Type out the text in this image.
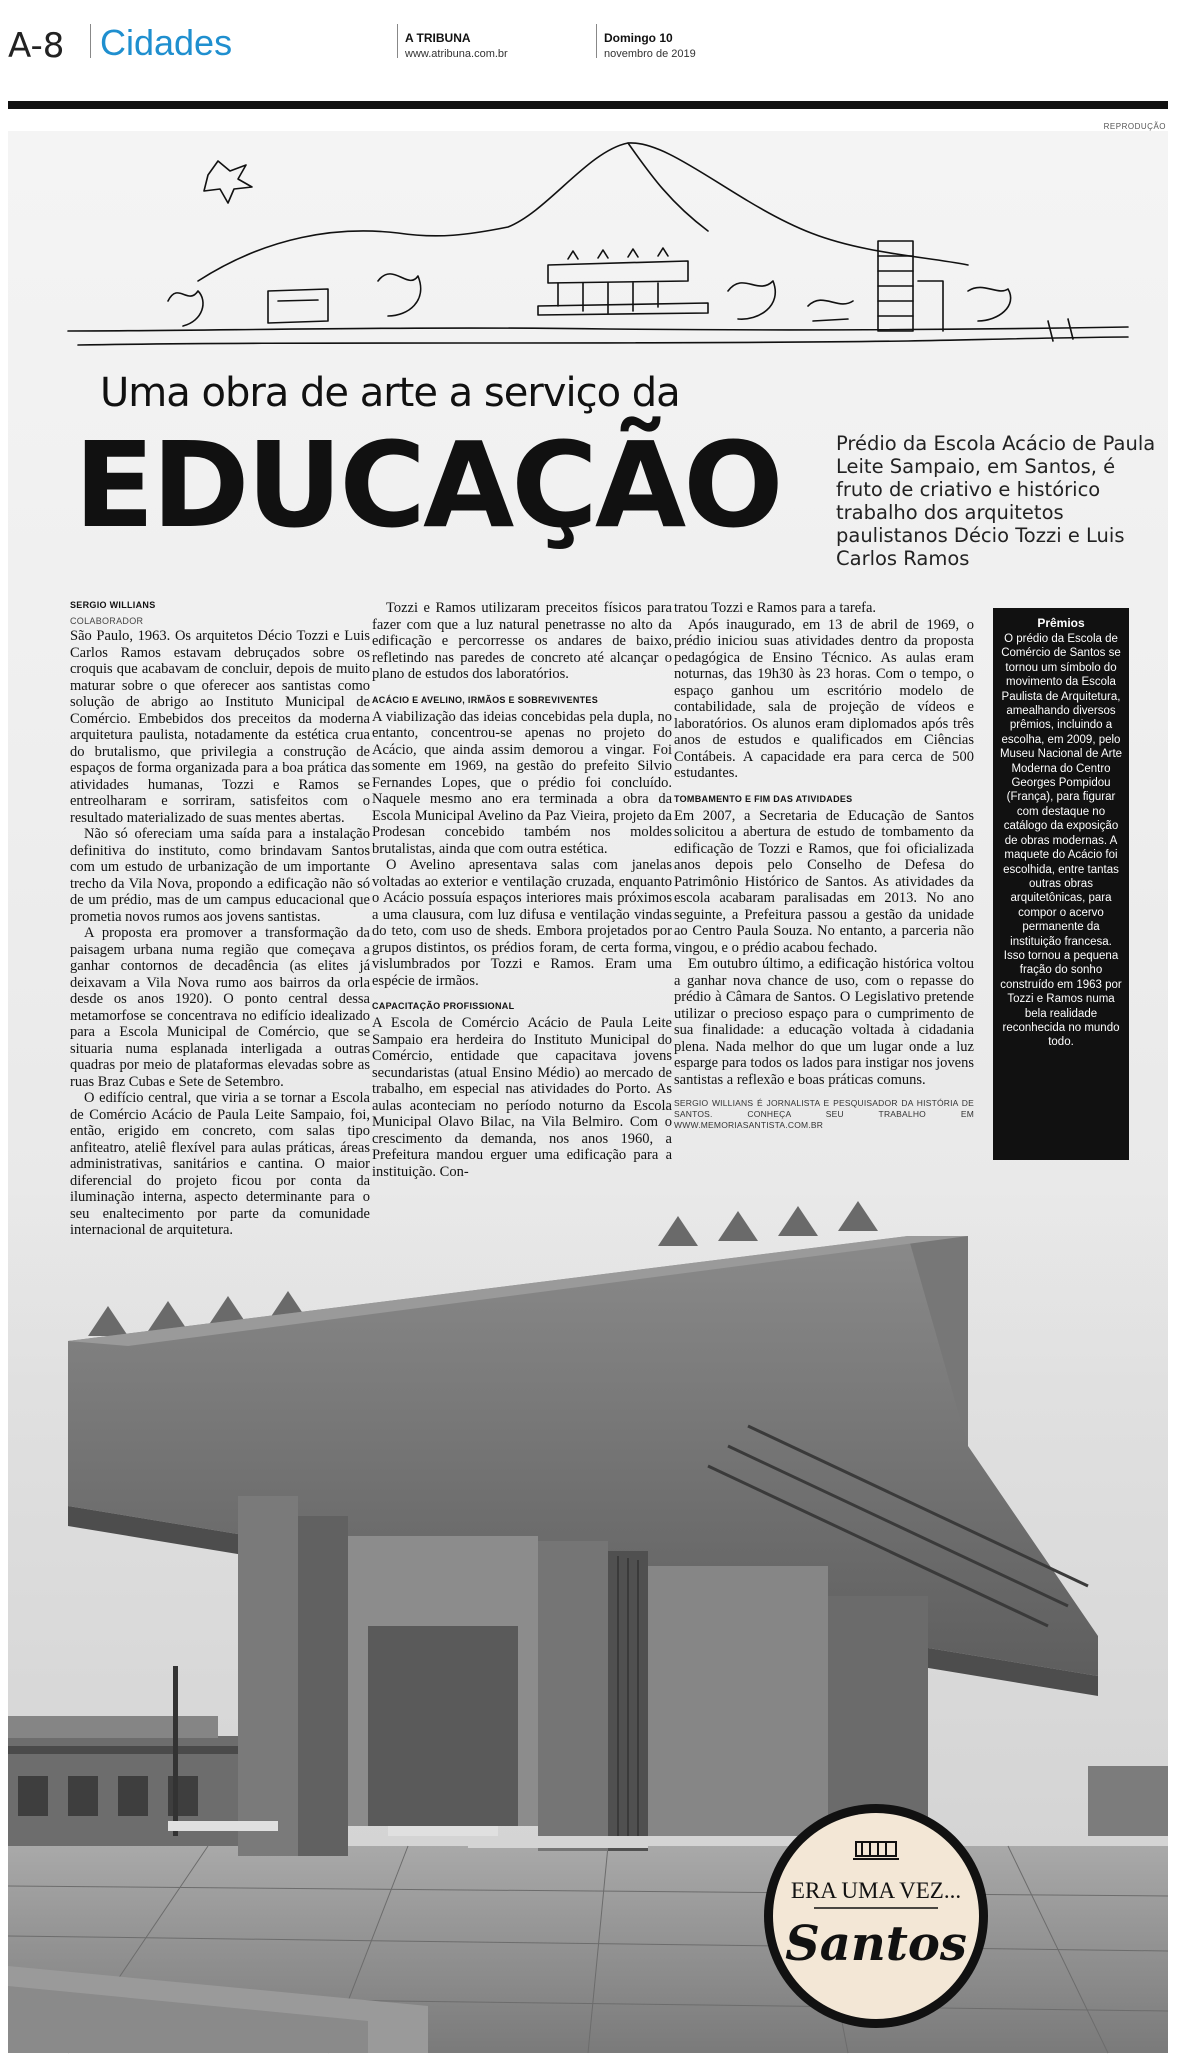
A-8 Cidades	A TRIBUNA
www.atribuna.com.br
Domingo 10
novembro de 2019
REPRODUÇÃO
Uma obra de arte a serviço da
EDUCAÇÃO	Prédio da Escola Acácio de Paula Leite Sampaio, em Santos, é fruto de criativo e histórico trabalho dos arquitetos paulistanos Décio Tozzi e Luis Carlos Ramos
ERA UMA VEZ...
Santos
SERGIO WILLIANS
COLABORADOR

São Paulo, 1963. Os arquitetos Décio Tozzi e Luis Carlos Ramos estavam debruçados sobre os croquis que acabavam de concluir, depois de muito maturar sobre o que oferecer aos santistas como solução de abrigo ao Instituto Municipal de Comércio. Embebidos dos preceitos da moderna arquitetura paulista, notadamente da estética crua do brutalismo, que privilegia a construção de espaços de forma organizada para a boa prática das atividades humanas, Tozzi e Ramos se entreolharam e sorriram, satisfeitos com o resultado materializado de suas mentes abertas.

Não só ofereciam uma saída para a instalação definitiva do instituto, como brindavam Santos com um estudo de urbanização de um importante trecho da Vila Nova, propondo a edificação não só de um prédio, mas de um campus educacional que prometia novos rumos aos jovens santistas.

A proposta era promover a transformação da paisagem urbana numa região que começava a ganhar contornos de decadência (as elites já deixavam a Vila Nova rumo aos bairros da orla desde os anos 1920). O ponto central dessa metamorfose se concentrava no edifício idealizado para a Escola Municipal de Comércio, que se situaria numa esplanada interligada a outras quadras por meio de plataformas elevadas sobre as ruas Braz Cubas e Sete de Setembro.

O edifício central, que viria a se tornar a Escola de Comércio Acácio de Paula Leite Sampaio, foi, então, erigido em concreto, com salas tipo anfiteatro, ateliê flexível para aulas práticas, áreas administrativas, sanitários e cantina. O maior diferencial do projeto ficou por conta da iluminação interna, aspecto determinante para o seu enaltecimento por parte da comunidade internacional de arquitetura.

Tozzi e Ramos utilizaram preceitos físicos para fazer com que a luz natural penetrasse no alto da edificação e percorresse os andares de baixo, refletindo nas paredes de concreto até alcançar o plano de estudos dos laboratórios.

ACÁCIO E AVELINO, IRMÃOS E SOBREVIVENTES

A viabilização das ideias concebidas pela dupla, no entanto, concentrou-se apenas no projeto do Acácio, que ainda assim demorou a vingar. Foi somente em 1969, na gestão do prefeito Silvio Fernandes Lopes, que o prédio foi concluído. Naquele mesmo ano era terminada a obra da Escola Municipal Avelino da Paz Vieira, projeto da Prodesan concebido também nos moldes brutalistas, ainda que com outra estética.

O Avelino apresentava salas com janelas voltadas ao exterior e ventilação cruzada, enquanto o Acácio possuía espaços interiores mais próximos a uma clausura, com luz difusa e ventilação vindas do teto, com uso de sheds. Embora projetados por grupos distintos, os prédios foram, de certa forma, vislumbrados por Tozzi e Ramos. Eram uma espécie de irmãos.

CAPACITAÇÃO PROFISSIONAL

A Escola de Comércio Acácio de Paula Leite Sampaio era herdeira do Instituto Municipal do Comércio, entidade que capacitava jovens secundaristas (atual Ensino Médio) ao mercado de trabalho, em especial nas atividades do Porto. As aulas aconteciam no período noturno da Escola Municipal Olavo Bilac, na Vila Belmiro. Com o crescimento da demanda, nos anos 1960, a Prefeitura mandou erguer uma edificação para a instituição. Con-

tratou Tozzi e Ramos para a tarefa.

Após inaugurado, em 13 de abril de 1969, o prédio iniciou suas atividades dentro da proposta pedagógica de Ensino Técnico. As aulas eram noturnas, das 19h30 às 23 horas. Com o tempo, o espaço ganhou um escritório modelo de contabilidade, sala de projeção de vídeos e laboratórios. Os alunos eram diplomados após três anos de estudos e qualificados em Ciências Contábeis. A capacidade era para cerca de 500 estudantes.

TOMBAMENTO E FIM DAS ATIVIDADES

Em 2007, a Secretaria de Educação de Santos solicitou a abertura de estudo de tombamento da edificação de Tozzi e Ramos, que foi oficializada anos depois pelo Conselho de Defesa do Patrimônio Histórico de Santos. As atividades da escola acabaram paralisadas em 2013. No ano seguinte, a Prefeitura passou a gestão da unidade ao Centro Paula Souza. No entanto, a parceria não vingou, e o prédio acabou fechado.

Em outubro último, a edificação histórica voltou a ganhar nova chance de uso, com o repasse do prédio à Câmara de Santos. O Legislativo pretende utilizar o precioso espaço para o cumprimento de sua finalidade: a educação voltada à cidadania plena. Nada melhor do que um lugar onde a luz esparge para todos os lados para instigar nos jovens santistas a reflexão e boas práticas comuns.

SERGIO WILLIANS É JORNALISTA E PESQUISADOR DA HISTÓRIA DE SANTOS. CONHEÇA SEU TRABALHO EM WWW.MEMORIASANTISTA.COM.BR
Prêmios
O prédio da Escola de Comércio de Santos se tornou um símbolo do movimento da Escola Paulista de Arquitetura, amealhando diversos prêmios, incluindo a escolha, em 2009, pelo Museu Nacional de Arte Moderna do Centro Georges Pompidou (França), para figurar com destaque no catálogo da exposição de obras modernas. A maquete do Acácio foi escolhida, entre tantas outras obras arquitetônicas, para compor o acervo permanente da instituição francesa. Isso tornou a pequena fração do sonho construído em 1963 por Tozzi e Ramos numa bela realidade reconhecida no mundo todo.
